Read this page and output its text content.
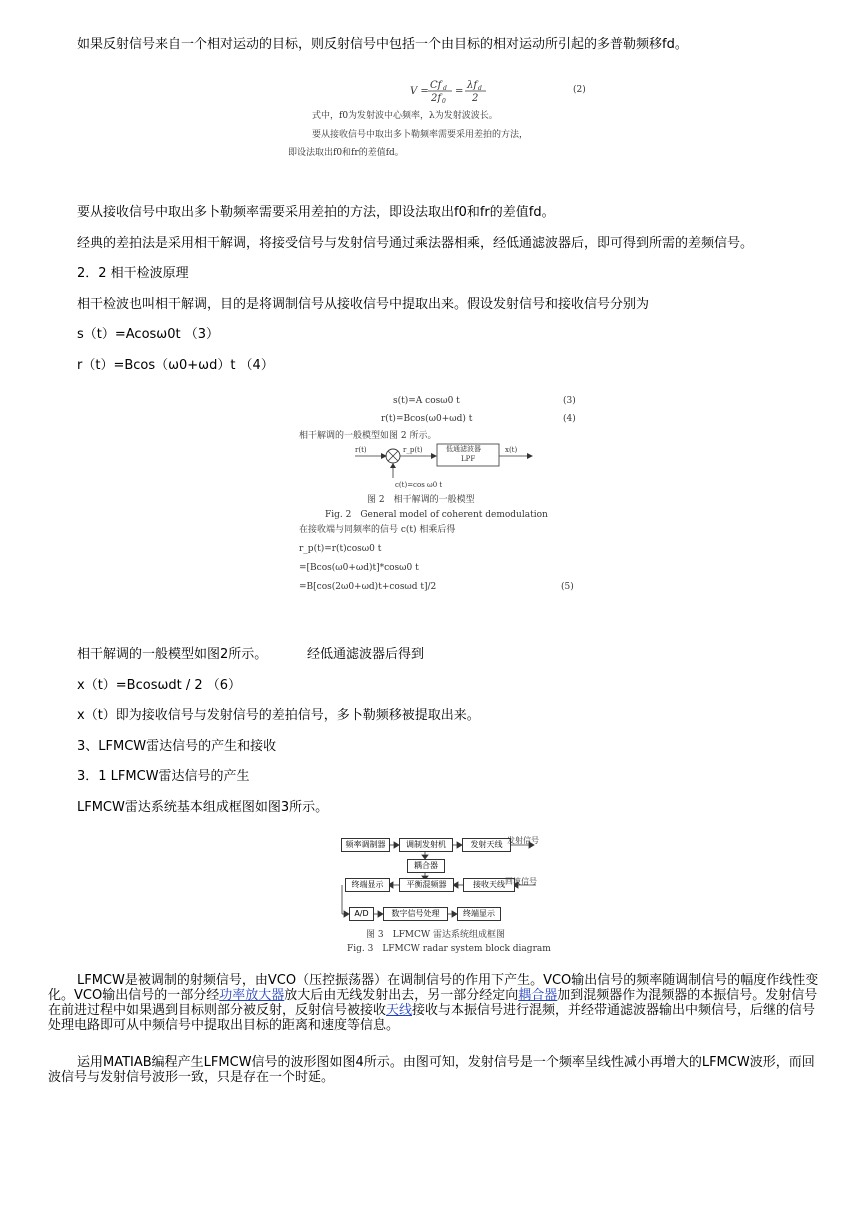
如果反射信号来自一个相对运动的目标，则反射信号中包括一个由目标的相对运动所引起的多普勒频移fd。
V =
Cf d
2f 0
=
λf d
2
(2)
式中，f0为发射波中心频率，λ为发射波波长。
要从接收信号中取出多卜勒频率需要采用差拍的方法，
即设法取出f0和fr的差值fd。
要从接收信号中取出多卜勒频率需要采用差拍的方法，即设法取出f0和fr的差值fd。
经典的差拍法是采用相干解调，将接受信号与发射信号通过乘法器相乘，经低通滤波器后，即可得到所需的差频信号。
2．2 相干检波原理
相干检波也叫相干解调，目的是将调制信号从接收信号中提取出来。假设发射信号和接收信号分别为
s（t）=Acosω0t （3）
r（t）=Bcos（ω0+ωd）t （4）
s(t)=A cosω0 t	(3)
r(t)=Bcos(ω0+ωd) t	(4)
相干解调的一般模型如图 2 所示。
r(t)	r_p(t)	低通滤波器
LPF
x(t)
c(t)=cos ω0 t
图 2　相干解调的一般模型
Fig. 2　General model of coherent demodulation
在接收端与同频率的信号 c(t) 相乘后得
r_p(t)=r(t)cosω0 t
=[Bcos(ω0+ωd)t]*cosω0 t
=B[cos(2ω0+ωd)t+cosωd t]/2	(5)
相干解调的一般模型如图2所示。	经低通滤波器后得到
x（t）=Bcosωdt / 2 （6）
x（t）即为接收信号与发射信号的差拍信号，多卜勒频移被提取出来。
3、LFMCW雷达信号的产生和接收
3．1 LFMCW雷达信号的产生
LFMCW雷达系统基本组成框图如图3所示。
频率调制器	调制发射机	发射天线 发射信号
耦合器
终端显示	平衡混频器	接收天线 回波信号
A/D	数字信号处理	终端显示
图 3　LFMCW 雷达系统组成框图
Fig. 3　LFMCW radar system block diagram
LFMCW是被调制的射频信号，由VCO（压控振荡器）在调制信号的作用下产生。VCO输出信号的频率随调制信号的幅度作线性变化。VCO输出信号的一部分经功率放大器放大后由无线发射出去，另一部分经定向耦合器加到混频器作为混频器的本振信号。发射信号在前进过程中如果遇到目标则部分被反射，反射信号被接收天线接收与本振信号进行混频，并经带通滤波器输出中频信号，后继的信号处理电路即可从中频信号中提取出目标的距离和速度等信息。
运用MATIAB编程产生LFMCW信号的波形图如图4所示。由图可知，发射信号是一个频率呈线性减小再增大的LFMCW波形，而回波信号与发射信号波形一致，只是存在一个时延。
